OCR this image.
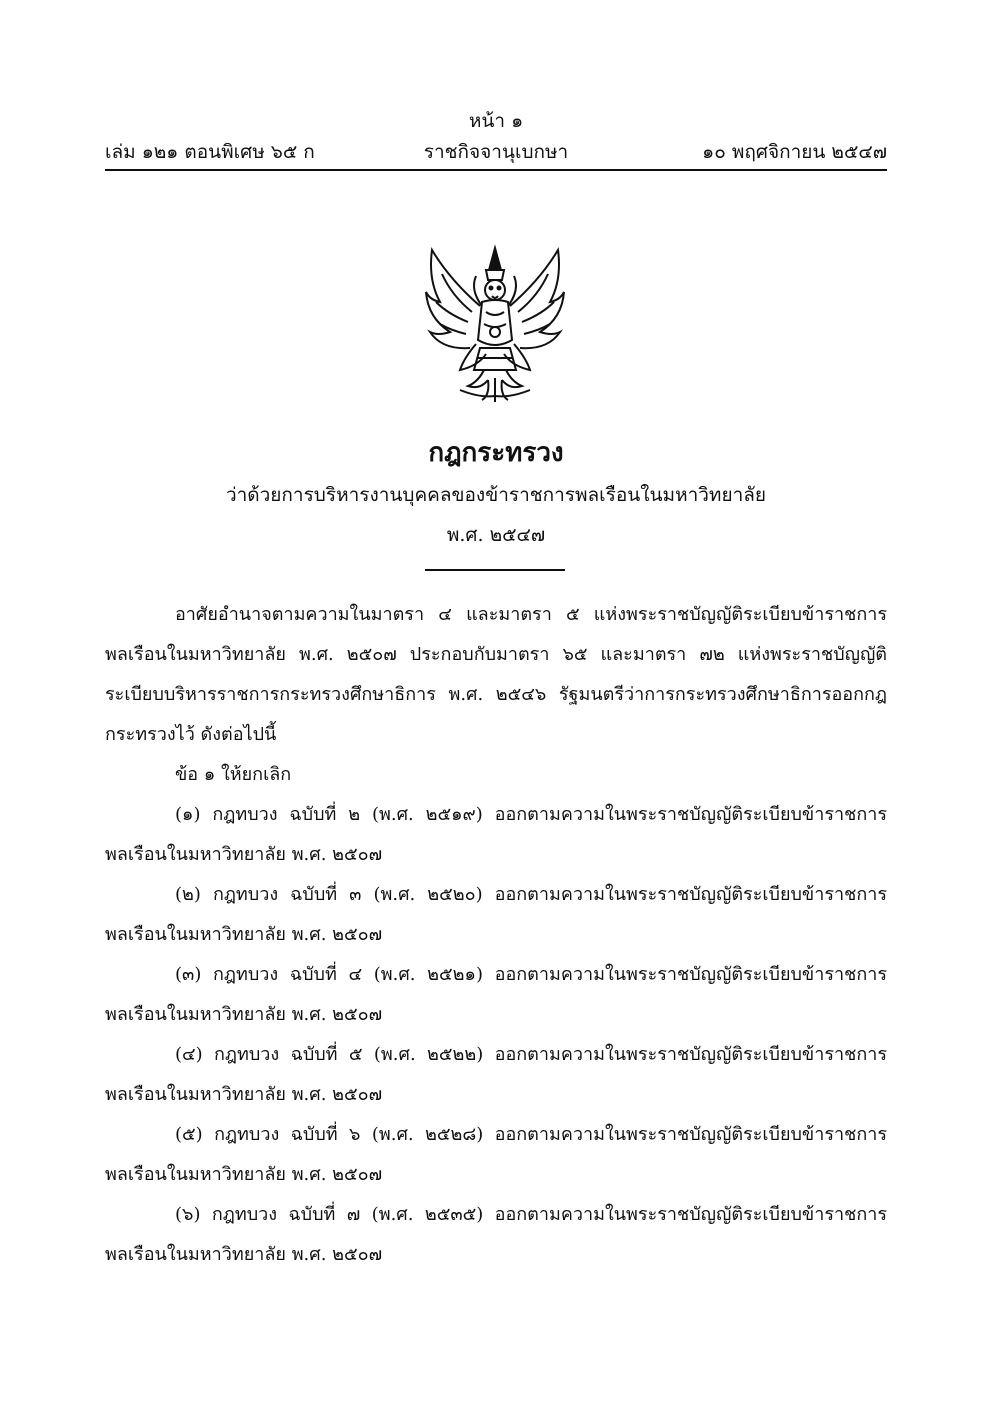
หน้า ๑
ราชกิจจานุเบกษา
เล่ม ๑๒๑ ตอนพิเศษ ๖๕ ก	๑๐ พฤศจิกายน ๒๕๔๗
กฎกระทรวง
ว่าด้วยการบริหารงานบุคคลของข้าราชการพลเรือนในมหาวิทยาลัย
พ.ศ. ๒๕๔๗

อาศัยอำนาจตามความในมาตรา ๔ และมาตรา ๕ แห่งพระราชบัญญัติระเบียบข้าราชการพลเรือนในมหาวิทยาลัย พ.ศ. ๒๕๐๗ ประกอบกับมาตรา ๖๕ และมาตรา ๗๒ แห่งพระราชบัญญัติระเบียบบริหารราชการกระทรวงศึกษาธิการ พ.ศ. ๒๕๔๖ รัฐมนตรีว่าการกระทรวงศึกษาธิการออกกฎกระทรวงไว้ ดังต่อไปนี้

ข้อ ๑ ให้ยกเลิก

(๑) กฎทบวง ฉบับที่ ๒ (พ.ศ. ๒๕๑๙) ออกตามความในพระราชบัญญัติระเบียบข้าราชการพลเรือนในมหาวิทยาลัย พ.ศ. ๒๕๐๗

(๒) กฎทบวง ฉบับที่ ๓ (พ.ศ. ๒๕๒๐) ออกตามความในพระราชบัญญัติระเบียบข้าราชการพลเรือนในมหาวิทยาลัย พ.ศ. ๒๕๐๗

(๓) กฎทบวง ฉบับที่ ๔ (พ.ศ. ๒๕๒๑) ออกตามความในพระราชบัญญัติระเบียบข้าราชการพลเรือนในมหาวิทยาลัย พ.ศ. ๒๕๐๗

(๔) กฎทบวง ฉบับที่ ๕ (พ.ศ. ๒๕๒๒) ออกตามความในพระราชบัญญัติระเบียบข้าราชการพลเรือนในมหาวิทยาลัย พ.ศ. ๒๕๐๗

(๕) กฎทบวง ฉบับที่ ๖ (พ.ศ. ๒๕๒๘) ออกตามความในพระราชบัญญัติระเบียบข้าราชการพลเรือนในมหาวิทยาลัย พ.ศ. ๒๕๐๗

(๖) กฎทบวง ฉบับที่ ๗ (พ.ศ. ๒๕๓๕) ออกตามความในพระราชบัญญัติระเบียบข้าราชการพลเรือนในมหาวิทยาลัย พ.ศ. ๒๕๐๗
